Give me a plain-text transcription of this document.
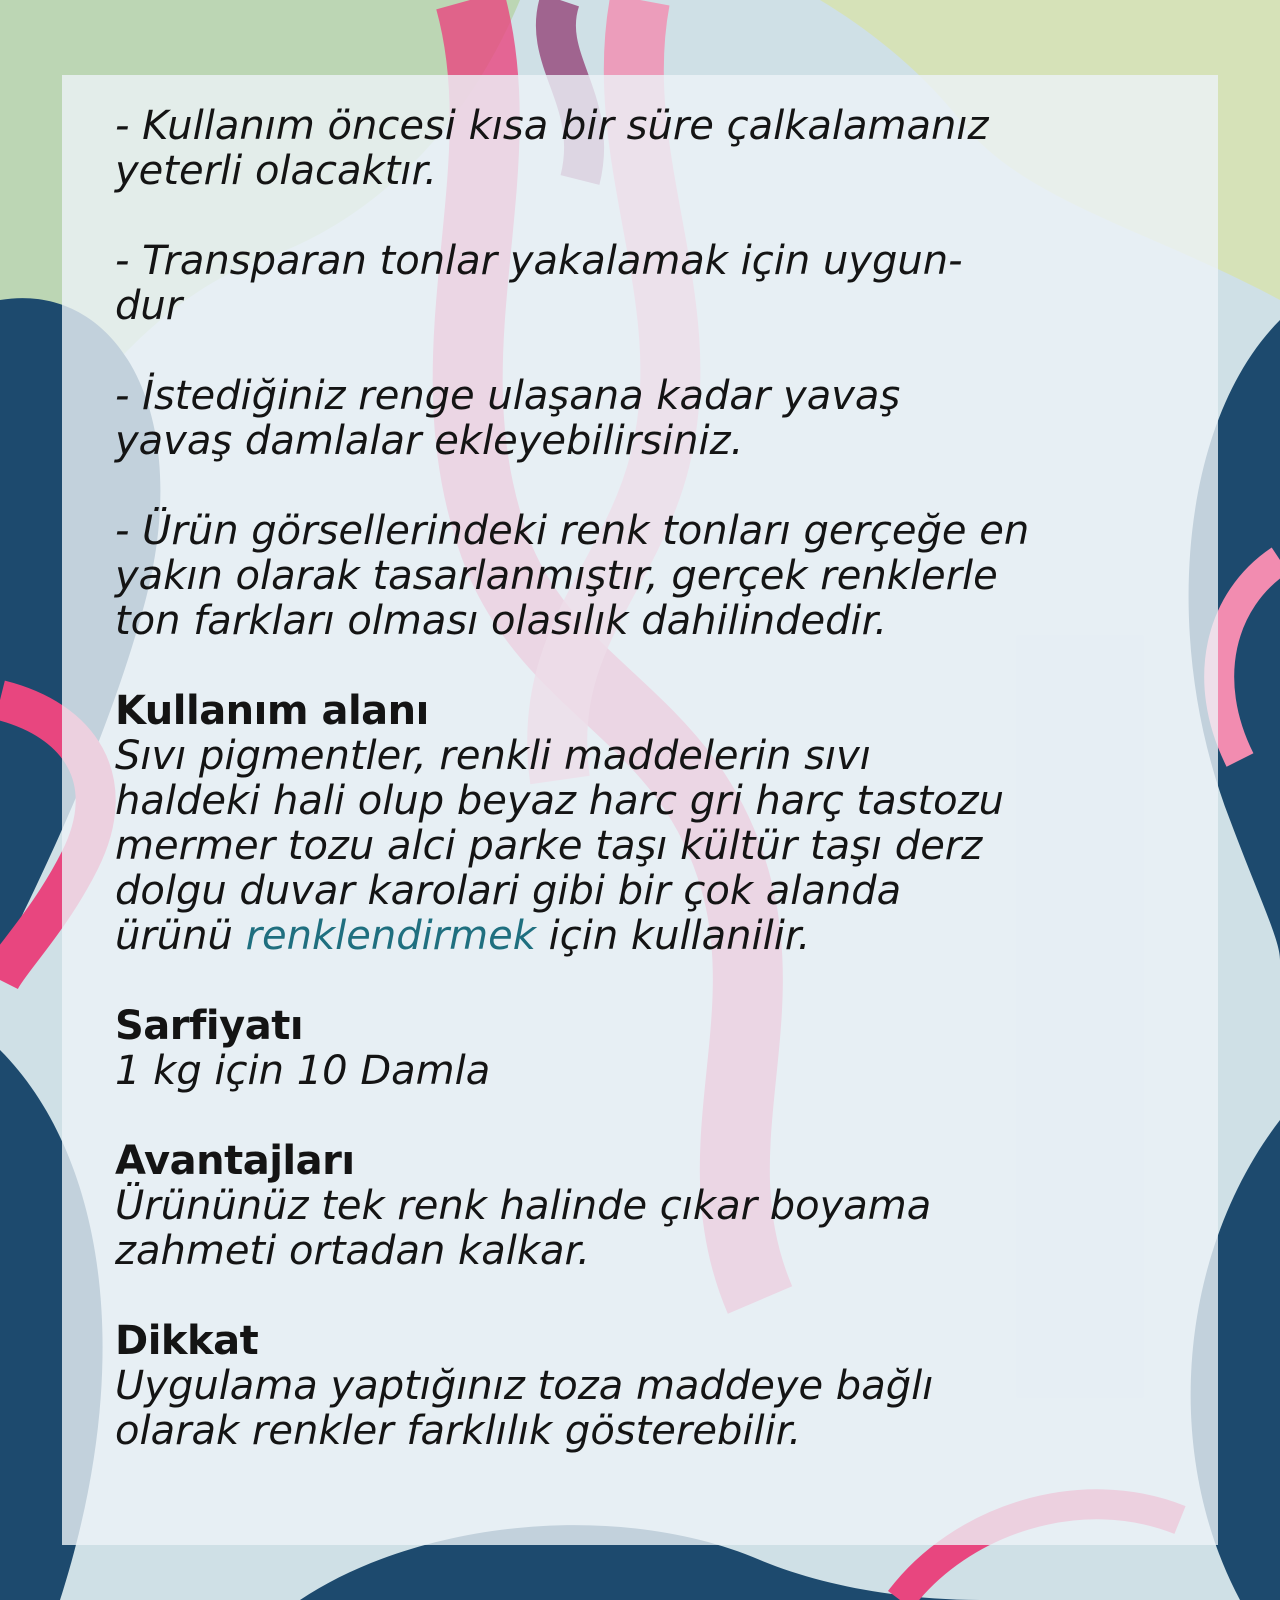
- Kullanım öncesi kısa bir süre çalkalamanız
yeterli olacaktır.
- Transparan tonlar yakalamak için uygun-
dur
- İstediğiniz renge ulaşana kadar yavaş
yavaş damlalar ekleyebilirsiniz.
- Ürün görsellerindeki renk tonları gerçeğe en
yakın olarak tasarlanmıştır, gerçek renklerle
ton farkları olması olasılık dahilindedir.
Kullanım alanı
Sıvı pigmentler, renkli maddelerin sıvı
haldeki hali olup beyaz harc gri harç tastozu
mermer tozu alci parke taşı kültür taşı derz
dolgu duvar karolari gibi bir çok alanda
ürünü renklendirmek için kullanilir.
Sarfiyatı
1 kg için 10 Damla
Avantajları
Ürününüz tek renk halinde çıkar boyama
zahmeti ortadan kalkar.
Dikkat
Uygulama yaptığınız toza maddeye bağlı
olarak renkler farklılık gösterebilir.
